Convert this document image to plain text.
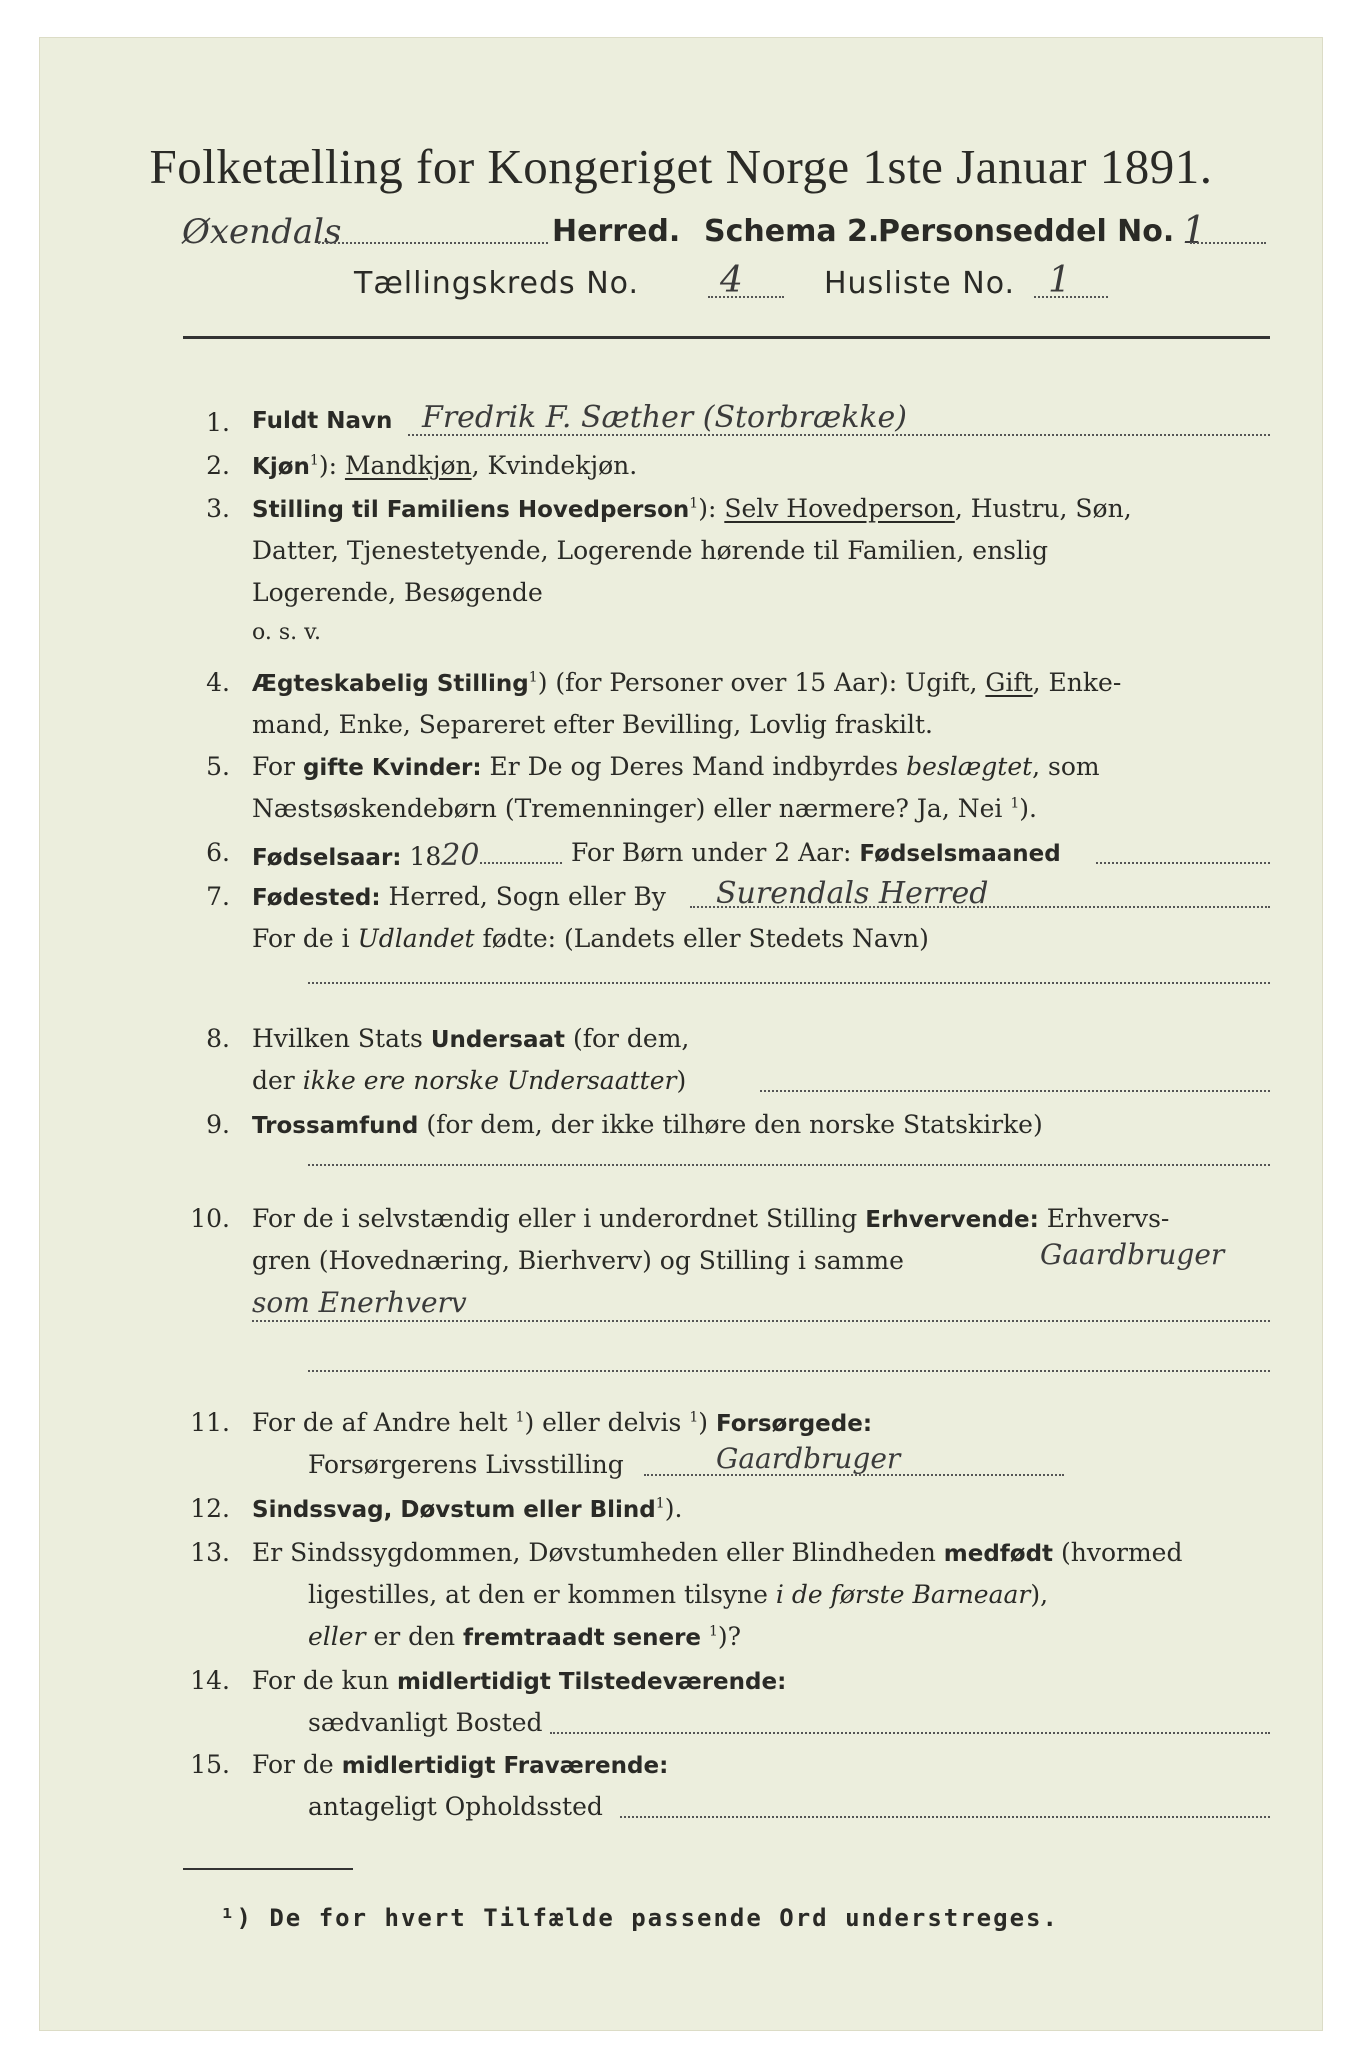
Folketælling for Kongeriget Norge 1ste Januar 1891.
Øxendals	Herred. Schema 2.
Personseddel No. 1
Tællingskreds No. 4	Husliste No. 1
1. Fuldt Navn Fredrik F. Sæther (Storbrække)
2. Kjøn$^1$): Mandkjøn, Kvindekjøn.
3. Stilling til Familiens Hovedperson$^1$): Selv Hovedperson, Hustru, Søn,
Datter, Tjenestetyende, Logerende hørende til Familien, enslig
Logerende, Besøgende
o. s. v.
4. Ægteskabelig Stilling$^1$) (for Personer over 15 Aar): Ugift, Gift, Enke-
mand, Enke, Separeret efter Bevilling, Lovlig fraskilt.
5. For gifte Kvinder: Er De og Deres Mand indbyrdes beslægtet, som
Næstsøskendebørn (Tremenninger) eller nærmere? Ja, Nei $^1$).
6. Fødselsaar: 1820	For Børn under 2 Aar: Fødselsmaaned
7. Fødested: Herred, Sogn eller By Surendals Herred
For de i Udlandet fødte: (Landets eller Stedets Navn)
8. Hvilken Stats Undersaat (for dem,
der ikke ere norske Undersaatter)
9. Trossamfund (for dem, der ikke tilhøre den norske Statskirke)
10. For de i selvstændig eller i underordnet Stilling Erhvervende: Erhvervs-
gren (Hovednæring, Bierhverv) og Stilling i samme	Gaardbruger
som Enerhverv
11. For de af Andre helt $^1$) eller delvis $^1$) Forsørgede:
Forsørgerens Livsstilling	Gaardbruger
12. Sindssvag, Døvstum eller Blind$^1$).
13. Er Sindssygdommen, Døvstumheden eller Blindheden medfødt (hvormed
ligestilles, at den er kommen tilsyne i de første Barneaar),
eller er den fremtraadt senere $^1$)?
14. For de kun midlertidigt Tilstedeværende:
sædvanligt Bosted
15. For de midlertidigt Fraværende:
antageligt Opholdssted
¹) De for hvert Tilfælde passende Ord understreges.
